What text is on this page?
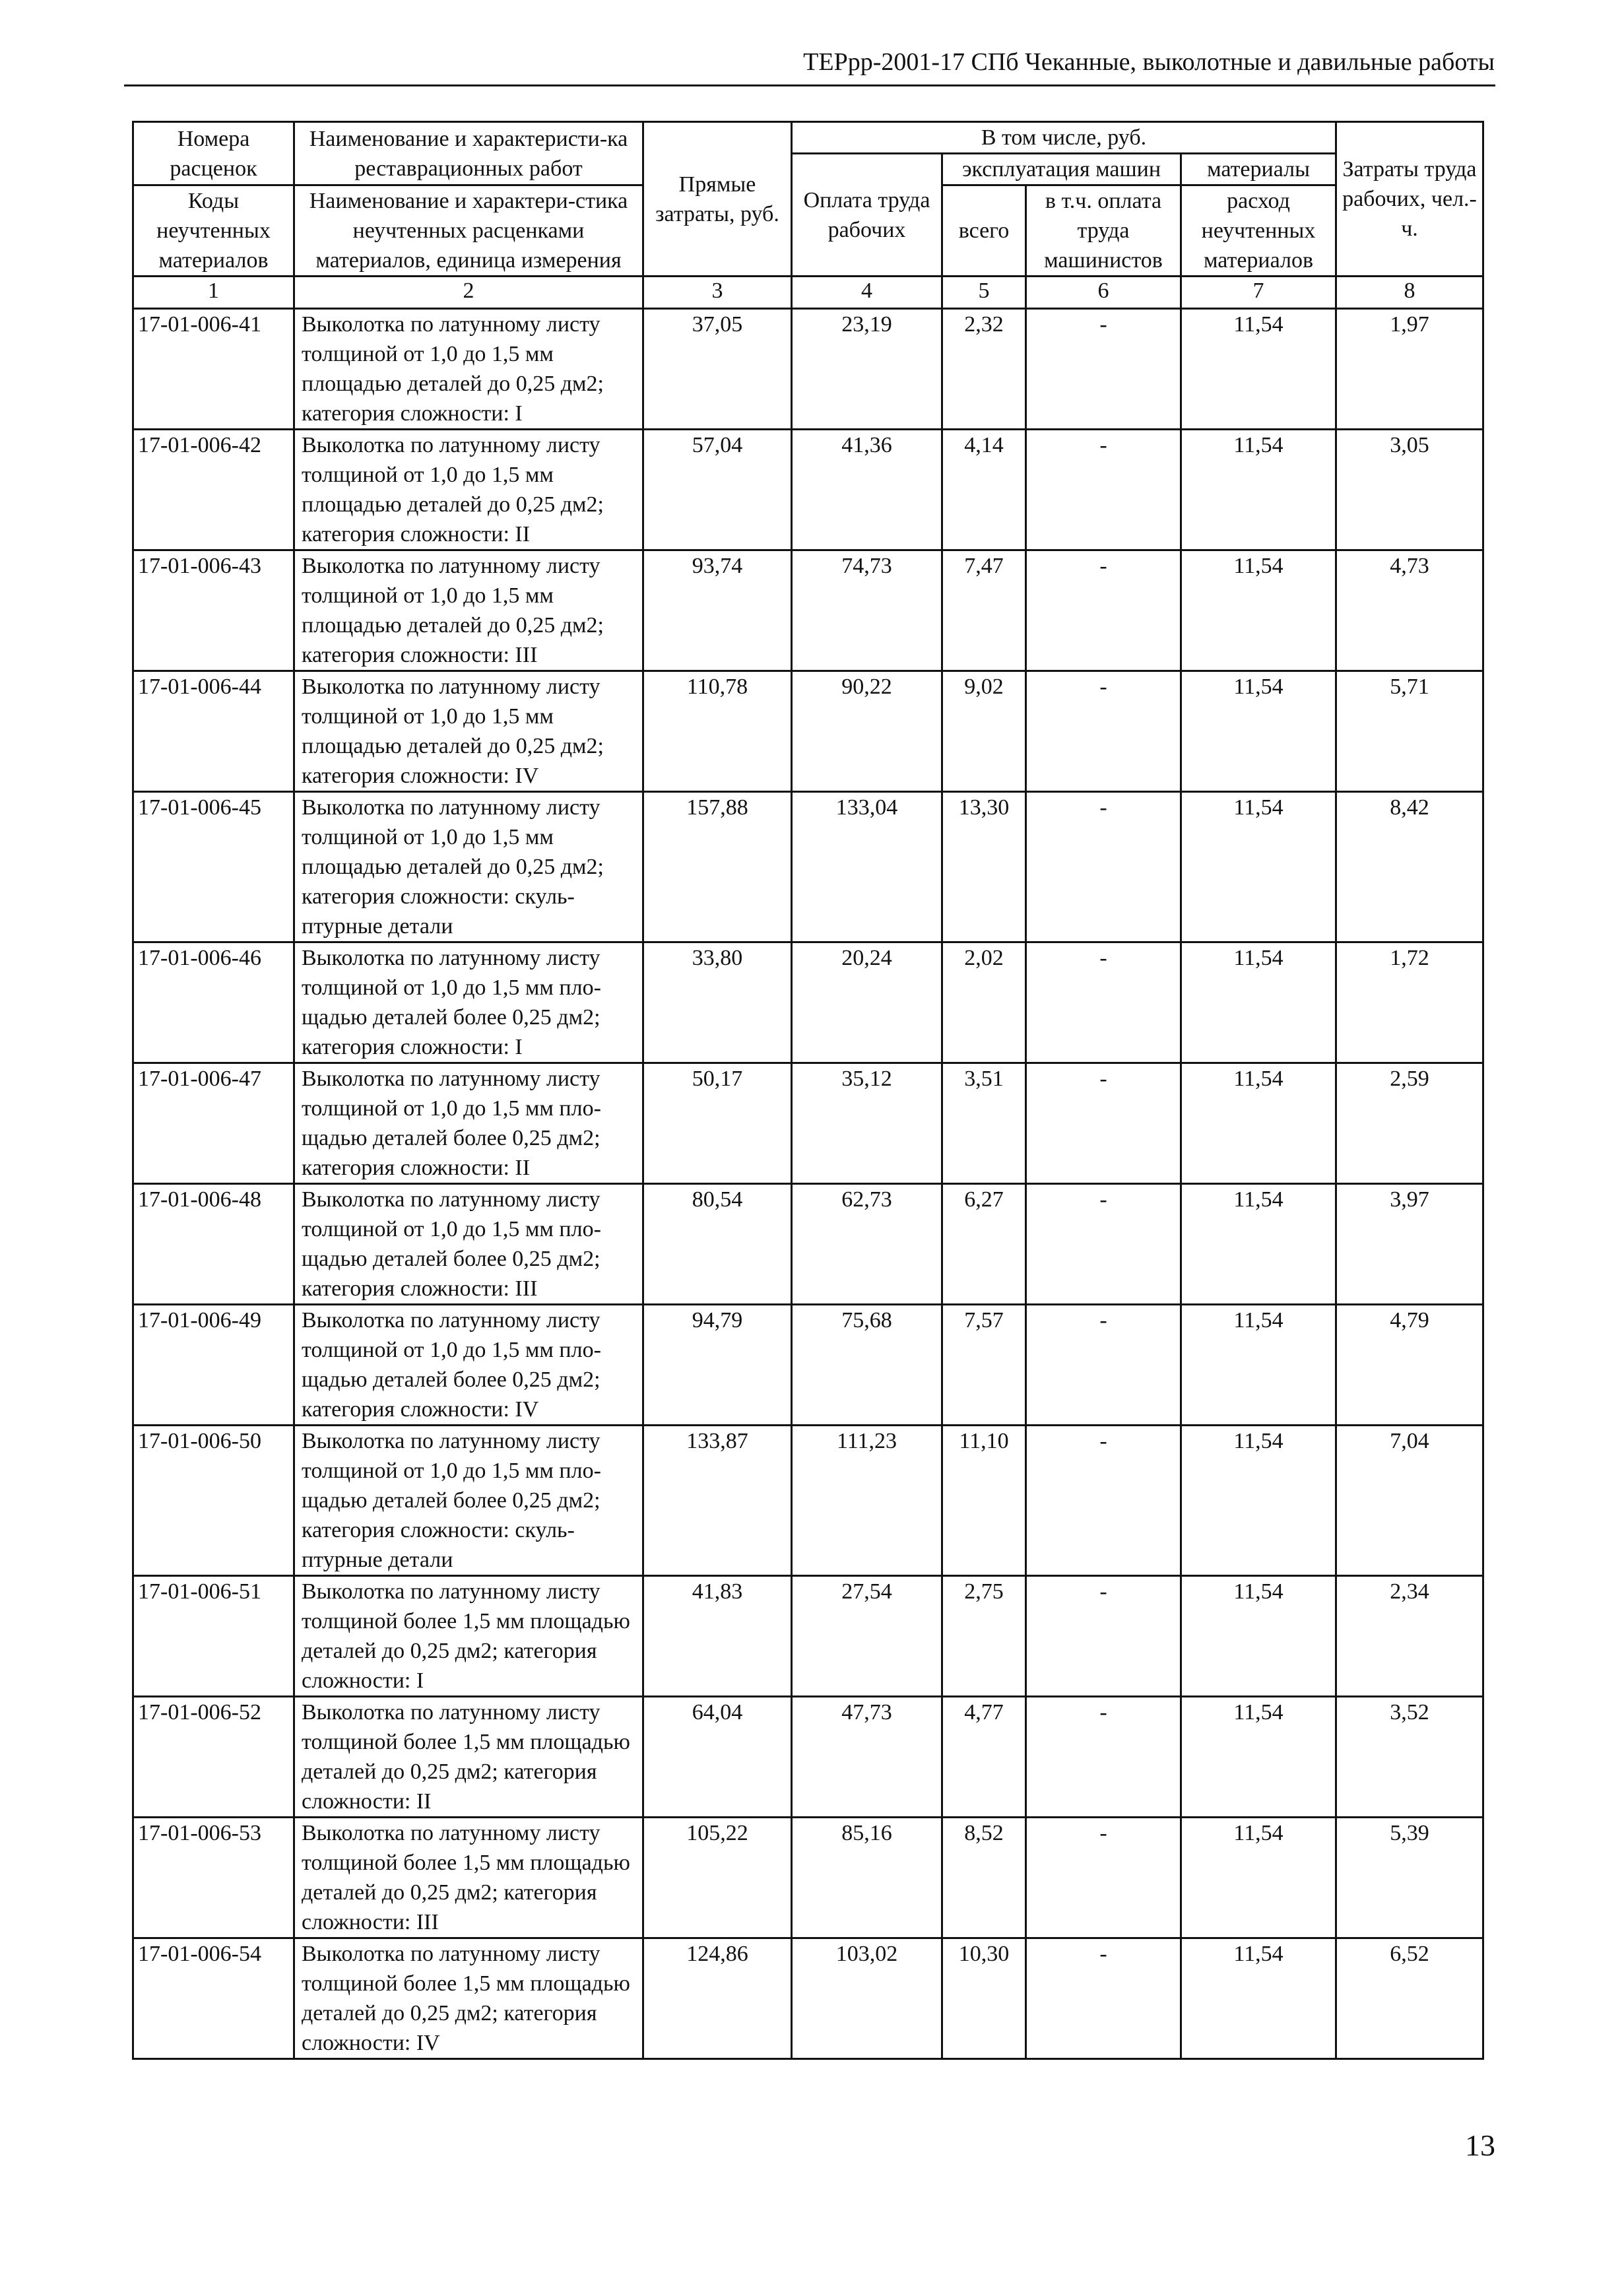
ТЕРрр-2001-17 СПб Чеканные, выколотные и давильные работы
Номера расценок	Наименование и характеристи-ка реставрационных работ	Прямые затраты, руб.	В том числе, руб.				Затраты труда рабочих, чел.-ч.
			Оплата труда рабочих	эксплуатация машин		материалы	
Коды неучтенных материалов	Наименование и характери-стика неучтенных расценками материалов, единица измерения			всего	в т.ч. оплата труда машинистов	расход неучтенных материалов	

1	2	3	4	5	6	7	8
17-01-006-41	Выколотка по латунному листу толщиной от 1,0 до 1,5 мм площадью деталей до 0,25 дм2; категория сложности: I	37,05	23,19	2,32	-	11,54	1,97
17-01-006-42	Выколотка по латунному листу толщиной от 1,0 до 1,5 мм площадью деталей до 0,25 дм2; категория сложности: II	57,04	41,36	4,14	-	11,54	3,05
17-01-006-43	Выколотка по латунному листу толщиной от 1,0 до 1,5 мм площадью деталей до 0,25 дм2; категория сложности: III	93,74	74,73	7,47	-	11,54	4,73
17-01-006-44	Выколотка по латунному листу толщиной от 1,0 до 1,5 мм площадью деталей до 0,25 дм2; категория сложности: IV	110,78	90,22	9,02	-	11,54	5,71
17-01-006-45	Выколотка по латунному листу толщиной от 1,0 до 1,5 мм площадью деталей до 0,25 дм2; категория сложности: скуль-птурные детали	157,88	133,04	13,30	-	11,54	8,42
17-01-006-46	Выколотка по латунному листу толщиной от 1,0 до 1,5 мм пло-щадью деталей более 0,25 дм2; категория сложности: I	33,80	20,24	2,02	-	11,54	1,72
17-01-006-47	Выколотка по латунному листу толщиной от 1,0 до 1,5 мм пло-щадью деталей более 0,25 дм2; категория сложности: II	50,17	35,12	3,51	-	11,54	2,59
17-01-006-48	Выколотка по латунному листу толщиной от 1,0 до 1,5 мм пло-щадью деталей более 0,25 дм2; категория сложности: III	80,54	62,73	6,27	-	11,54	3,97
17-01-006-49	Выколотка по латунному листу толщиной от 1,0 до 1,5 мм пло-щадью деталей более 0,25 дм2; категория сложности: IV	94,79	75,68	7,57	-	11,54	4,79
17-01-006-50	Выколотка по латунному листу толщиной от 1,0 до 1,5 мм пло-щадью деталей более 0,25 дм2; категория сложности: скуль-птурные детали	133,87	111,23	11,10	-	11,54	7,04
17-01-006-51	Выколотка по латунному листу толщиной более 1,5 мм площадью деталей до 0,25 дм2; категория сложности: I	41,83	27,54	2,75	-	11,54	2,34
17-01-006-52	Выколотка по латунному листу толщиной более 1,5 мм площадью деталей до 0,25 дм2; категория сложности: II	64,04	47,73	4,77	-	11,54	3,52
17-01-006-53	Выколотка по латунному листу толщиной более 1,5 мм площадью деталей до 0,25 дм2; категория сложности: III	105,22	85,16	8,52	-	11,54	5,39
17-01-006-54	Выколотка по латунному листу толщиной более 1,5 мм площадью деталей до 0,25 дм2; категория сложности: IV	124,86	103,02	10,30	-	11,54	6,52
13
